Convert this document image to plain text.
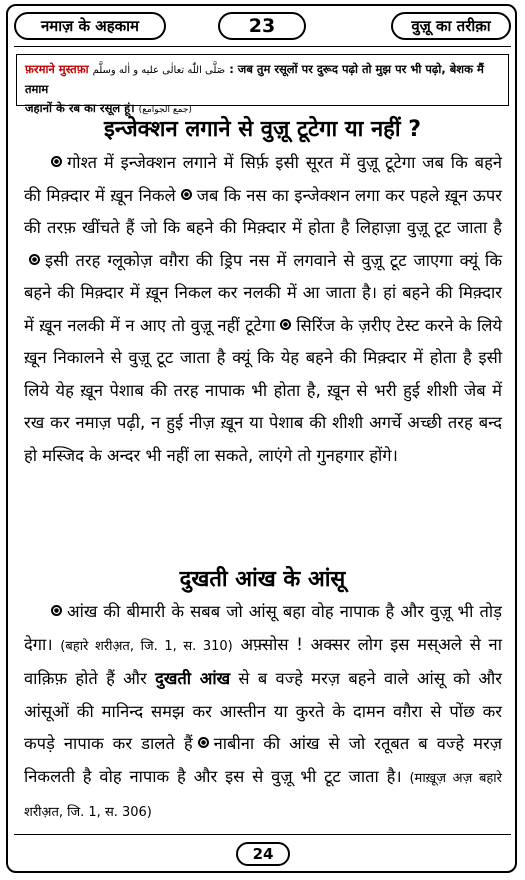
नमाज़ के अहकाम	23	वुज़ू का तरीक़ा
फ़रमाने मुस्तफ़ा صَلَّى اللّٰه تعالٰى عليه و اٰله وسلَّم : जब तुम रसूलों पर दुरूद पढ़ो तो मुझ पर भी पढ़ो, बेशक मैं तमाम
जहानों के रब का रसूल हूं। (جمع الجوامع)
इन्जेक्शन लगाने से वुज़ू टूटेगा या नहीं ?

गोश्त में इन्जेक्शन लगाने में सिर्फ़ इसी सूरत में वुज़ू टूटेगा जब कि बहने की मिक़्दार में ख़ून निकले जब कि नस का इन्जेक्शन लगा कर पहले ख़ून ऊपर की तरफ़ खींचते हैं जो कि बहने की मिक़्दार में होता है लिहाज़ा वुज़ू टूट जाता हैइसी तरह ग्लूकोज़ वग़ैरा की ड्रिप नस में लगवाने से वुज़ू टूट जाएगा क्यूं कि बहने की मिक़्दार में ख़ून निकल कर नलकी में आ जाता है। हां बहने की मिक़्दार में ख़ून नलकी में न आए तो वुज़ू नहीं टूटेगा सिरिंज के ज़रीए टेस्ट करने के लिये ख़ून निकालने से वुज़ू टूट जाता है क्यूं कि येह बहने की मिक़्दार में होता है इसी लिये येह ख़ून पेशाब की तरह नापाक भी होता है, ख़ून से भरी हुई शीशी जेब में रख कर नमाज़ पढ़ी, न हुई नीज़ ख़ून या पेशाब की शीशी अगर्चे अच्छी तरह बन्द हो मस्जिद के अन्दर भी नहीं ला सकते, लाएंगे तो गुनहगार होंगे।

दुखती आंख के आंसू

आंख की बीमारी के सबब जो आंसू बहा वोह नापाक है और वुज़ू भी तोड़ देगा। (बहारे शरीअ़त, जि. 1, स. 310) अफ़्सोस ! अक्सर लोग इस मस्अले से ना वाक़िफ़ होते हैं और दुखती आंख से ब वज्हे मरज़ बहने वाले आंसू को और आंसूओं की मानिन्द समझ कर आस्तीन या कुरते के दामन वग़ैरा से पोंछ कर कपड़े नापाक कर डालते हैं नाबीना की आंख से जो रतूबत ब वज्हे मरज़ निकलती है वोह नापाक है और इस से वुज़ू भी टूट जाता है। (माख़ूज़ अज़ बहारे शरीअ़त, जि. 1, स. 306)

24
